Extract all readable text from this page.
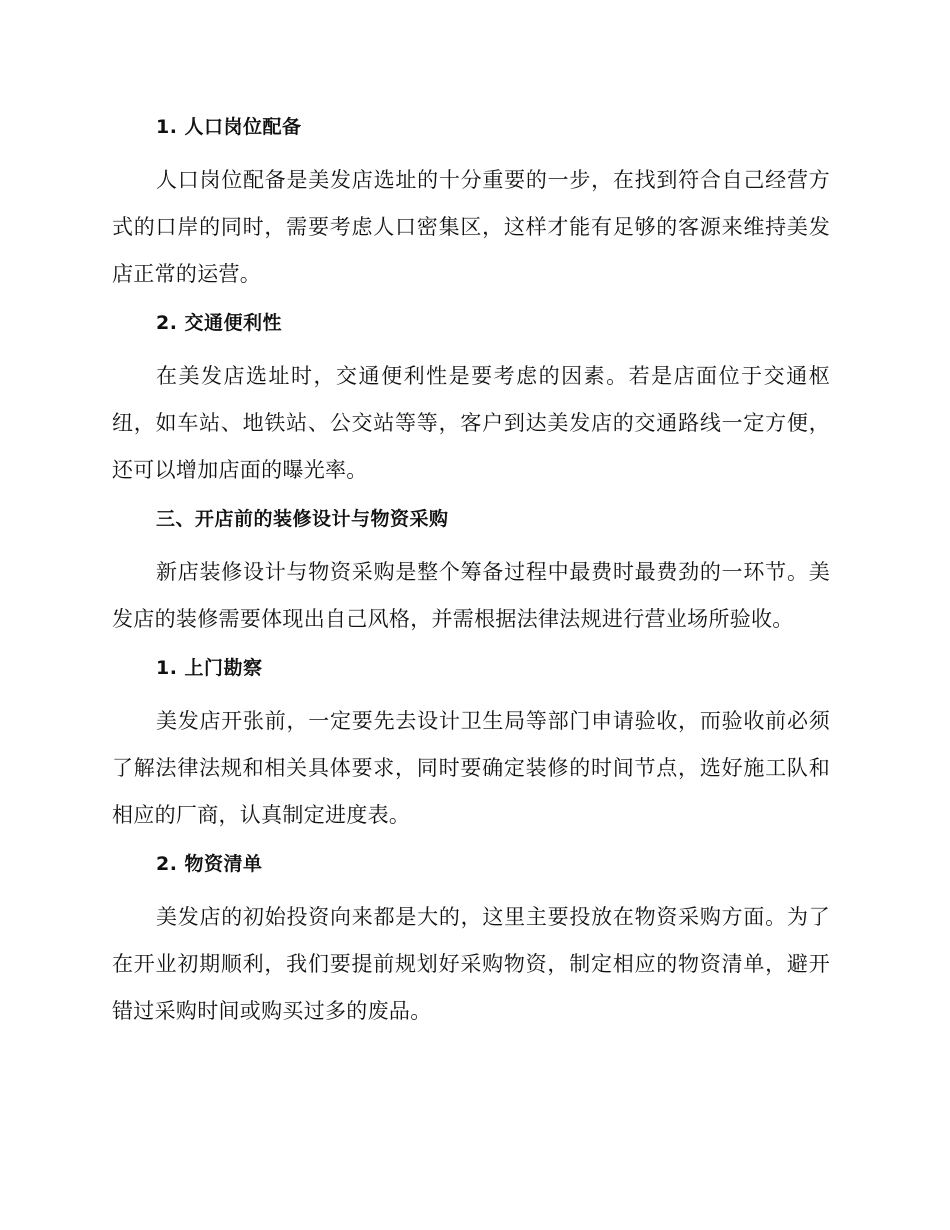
1. 人口岗位配备

人口岗位配备是美发店选址的十分重要的一步，在找到符合自己经营方式的口岸的同时，需要考虑人口密集区，这样才能有足够的客源来维持美发店正常的运营。

2. 交通便利性

在美发店选址时，交通便利性是要考虑的因素。若是店面位于交通枢纽，如车站、地铁站、公交站等等，客户到达美发店的交通路线一定方便，还可以增加店面的曝光率。

三、开店前的装修设计与物资采购

新店装修设计与物资采购是整个筹备过程中最费时最费劲的一环节。美发店的装修需要体现出自己风格，并需根据法律法规进行营业场所验收。

1. 上门勘察

美发店开张前，一定要先去设计卫生局等部门申请验收，而验收前必须了解法律法规和相关具体要求，同时要确定装修的时间节点，选好施工队和相应的厂商，认真制定进度表。

2. 物资清单

美发店的初始投资向来都是大的，这里主要投放在物资采购方面。为了在开业初期顺利，我们要提前规划好采购物资，制定相应的物资清单，避开错过采购时间或购买过多的废品。
